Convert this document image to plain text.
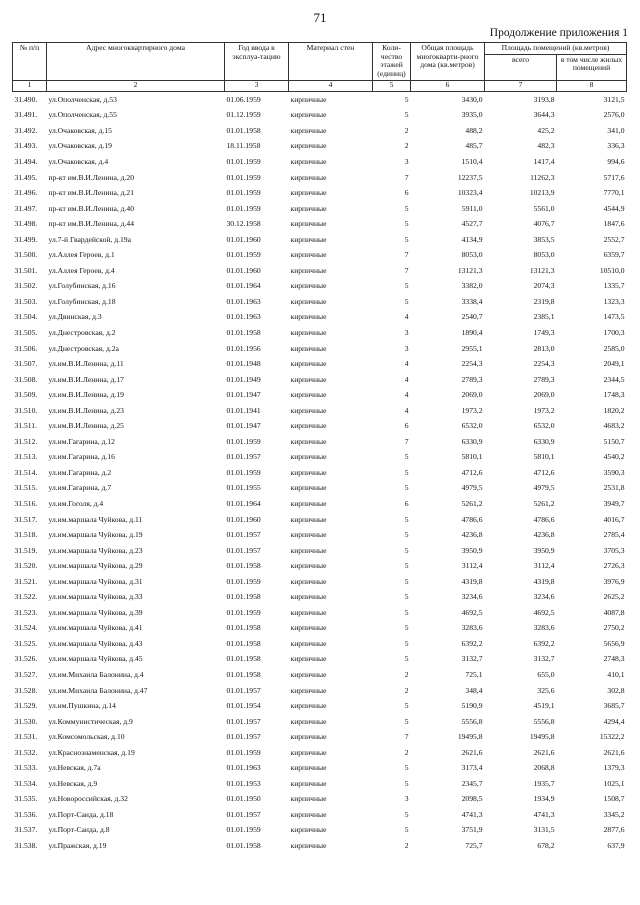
71
Продолжение приложения 1
№ п/п	Адрес многоквартирного дома	Год ввода в эксплуа-тацию	Материал стен	Коли-чество этажей (единиц)	Общая площадь многокварти-рного дома (кв.метров)	Площадь помещений (кв.метров)	
						всего	в том числе жилых помещений
1	2	3	4	5	6	7	8
31.490.	ул.Ополченская, д.53	01.06.1959	кирпичные	5	3430,0	3193,8	3121,5
31.491.	ул.Ополченская, д.55	01.12.1959	кирпичные	5	3935,0	3644,3	2576,0
31.492.	ул.Очаковская, д.15	01.01.1958	кирпичные	2	488,2	425,2	341,0
31.493.	ул.Очаковская, д.19	18.11.1958	кирпичные	2	485,7	482,3	336,3
31.494.	ул.Очаковская, д.4	01.01.1959	кирпичные	3	1510,4	1417,4	994,6
31.495.	пр-кт им.В.И.Ленина, д.20	01.01.1959	кирпичные	7	12237,5	11262,3	5717,6
31.496.	пр-кт им.В.И.Ленина, д.21	01.01.1959	кирпичные	6	10323,4	10213,9	7770,1
31.497.	пр-кт им.В.И.Ленина, д.40	01.01.1959	кирпичные	5	5911,0	5561,0	4544,9
31.498.	пр-кт им.В.И.Ленина, д.44	30.12.1958	кирпичные	5	4527,7	4076,7	1847,6
31.499.	ул.7-й Гвардейской, д.19а	01.01.1960	кирпичные	5	4134,9	3853,5	2552,7
31.500.	ул.Аллея Героев, д.1	01.01.1959	кирпичные	7	8053,0	8053,0	6359,7
31.501.	ул.Аллея Героев, д.4	01.01.1960	кирпичные	7	13121,3	13121,3	10510,0
31.502.	ул.Голубинская, д.16	01.01.1964	кирпичные	5	3382,0	2074,3	1335,7
31.503.	ул.Голубинская, д.18	01.01.1963	кирпичные	5	3338,4	2319,8	1323,3
31.504.	ул.Двинская, д.3	01.01.1963	кирпичные	4	2540,7	2385,1	1473,5
31.505.	ул.Днестровская, д.2	01.01.1958	кирпичные	3	1890,4	1749,3	1700,3
31.506.	ул.Днестровская, д.2а	01.01.1956	кирпичные	3	2955,1	2813,0	2585,0
31.507.	ул.им.В.И.Ленина, д.11	01.01.1948	кирпичные	4	2254,3	2254,3	2049,1
31.508.	ул.им.В.И.Ленина, д.17	01.01.1949	кирпичные	4	2789,3	2789,3	2344,5
31.509.	ул.им.В.И.Ленина, д.19	01.01.1947	кирпичные	4	2069,0	2069,0	1748,3
31.510.	ул.им.В.И.Ленина, д.23	01.01.1941	кирпичные	4	1973,2	1973,2	1820,2
31.511.	ул.им.В.И.Ленина, д.25	01.01.1947	кирпичные	6	6532,0	6532,0	4683,2
31.512.	ул.им.Гагарина, д.12	01.01.1959	кирпичные	7	6330,9	6330,9	5150,7
31.513.	ул.им.Гагарина, д.16	01.01.1957	кирпичные	5	5810,1	5810,1	4540,2
31.514.	ул.им.Гагарина, д.2	01.01.1959	кирпичные	5	4712,6	4712,6	3590,3
31.515.	ул.им.Гагарина, д.7	01.01.1955	кирпичные	5	4979,5	4979,5	2531,8
31.516.	ул.им.Гоголя, д.4	01.01.1964	кирпичные	6	5261,2	5261,2	3949,7
31.517.	ул.им.маршала Чуйкова, д.11	01.01.1960	кирпичные	5	4786,6	4786,6	4016,7
31.518.	ул.им.маршала Чуйкова, д.19	01.01.1957	кирпичные	5	4236,8	4236,8	2785,4
31.519.	ул.им.маршала Чуйкова, д.23	01.01.1957	кирпичные	5	3950,9	3950,9	3705,3
31.520.	ул.им.маршала Чуйкова, д.29	01.01.1958	кирпичные	5	3112,4	3112,4	2726,3
31.521.	ул.им.маршала Чуйкова, д.31	01.01.1959	кирпичные	5	4319,8	4319,8	3976,9
31.522.	ул.им.маршала Чуйкова, д.33	01.01.1958	кирпичные	5	3234,6	3234,6	2625,2
31.523.	ул.им.маршала Чуйкова, д.39	01.01.1959	кирпичные	5	4692,5	4692,5	4087,8
31.524.	ул.им.маршала Чуйкова, д.41	01.01.1958	кирпичные	5	3283,6	3283,6	2750,2
31.525.	ул.им.маршала Чуйкова, д.43	01.01.1958	кирпичные	5	6392,2	6392,2	5656,9
31.526.	ул.им.маршала Чуйкова, д.45	01.01.1958	кирпичные	5	3132,7	3132,7	2748,3
31.527.	ул.им.Михаила Балонина, д.4	01.01.1958	кирпичные	2	725,1	655,0	410,1
31.528.	ул.им.Михаила Балонина, д.47	01.01.1957	кирпичные	2	348,4	325,6	302,8
31.529.	ул.им.Пушкина, д.14	01.01.1954	кирпичные	5	5190,9	4519,1	3685,7
31.530.	ул.Коммунистическая, д.9	01.01.1957	кирпичные	5	5556,8	5556,8	4294,4
31.531.	ул.Комсомольская, д.10	01.01.1957	кирпичные	7	19495,8	19495,8	15322,2
31.532.	ул.Краснознаменская, д.19	01.01.1959	кирпичные	2	2621,6	2621,6	2621,6
31.533.	ул.Невская, д.7а	01.01.1963	кирпичные	5	3173,4	2068,8	1379,3
31.534.	ул.Невская, д.9	01.01.1953	кирпичные	5	2345,7	1935,7	1025,1
31.535.	ул.Новороссийская, д.32	01.01.1950	кирпичные	3	2098,5	1934,9	1508,7
31.536.	ул.Порт-Саида, д.18	01.01.1957	кирпичные	5	4741,3	4741,3	3345,2
31.537.	ул.Порт-Саида, д.8	01.01.1959	кирпичные	5	3751,9	3131,5	2877,6
31.538.	ул.Пражская, д.19	01.01.1958	кирпичные	2	725,7	678,2	637,9
